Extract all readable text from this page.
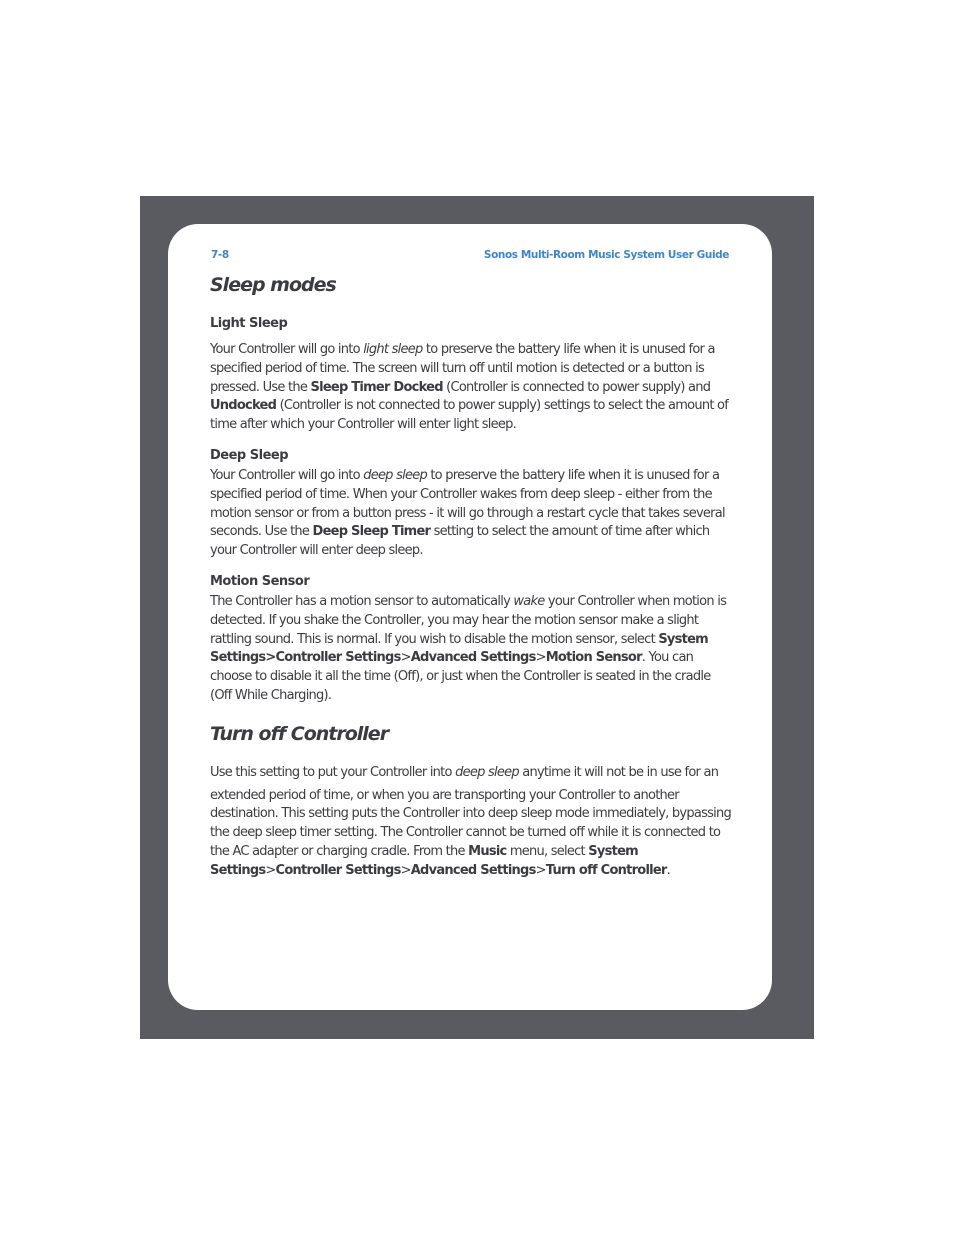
7-8	Sonos Multi-Room Music System User Guide
Sleep modes
Light Sleep

Your Controller will go into light sleep to preserve the battery life when it is unused for a specified period of time. The screen will turn off until motion is detected or a button is pressed. Use the Sleep Timer Docked (Controller is connected to power supply) and Undocked (Controller is not connected to power supply) settings to select the amount of time after which your Controller will enter light sleep.

Deep Sleep

Your Controller will go into deep sleep to preserve the battery life when it is unused for a specified period of time. When your Controller wakes from deep sleep - either from the motion sensor or from a button press - it will go through a restart cycle that takes several seconds. Use the Deep Sleep Timer setting to select the amount of time after which your Controller will enter deep sleep.

Motion Sensor

The Controller has a motion sensor to automatically wake your Controller when motion is detected. If you shake the Controller, you may hear the motion sensor make a slight rattling sound. This is normal. If you wish to disable the motion sensor, select System Settings>Controller Settings>Advanced Settings>Motion Sensor. You can choose to disable it all the time (Off), or just when the Controller is seated in the cradle (Off While Charging).

Turn off Controller

Use this setting to put your Controller into deep sleep anytime it will not be in use for an
extended period of time, or when you are transporting your Controller to another destination. This setting puts the Controller into deep sleep mode immediately, bypassing the deep sleep timer setting. The Controller cannot be turned off while it is connected to the AC adapter or charging cradle. From the Music menu, select System Settings>Controller Settings>Advanced Settings>Turn off Controller.
